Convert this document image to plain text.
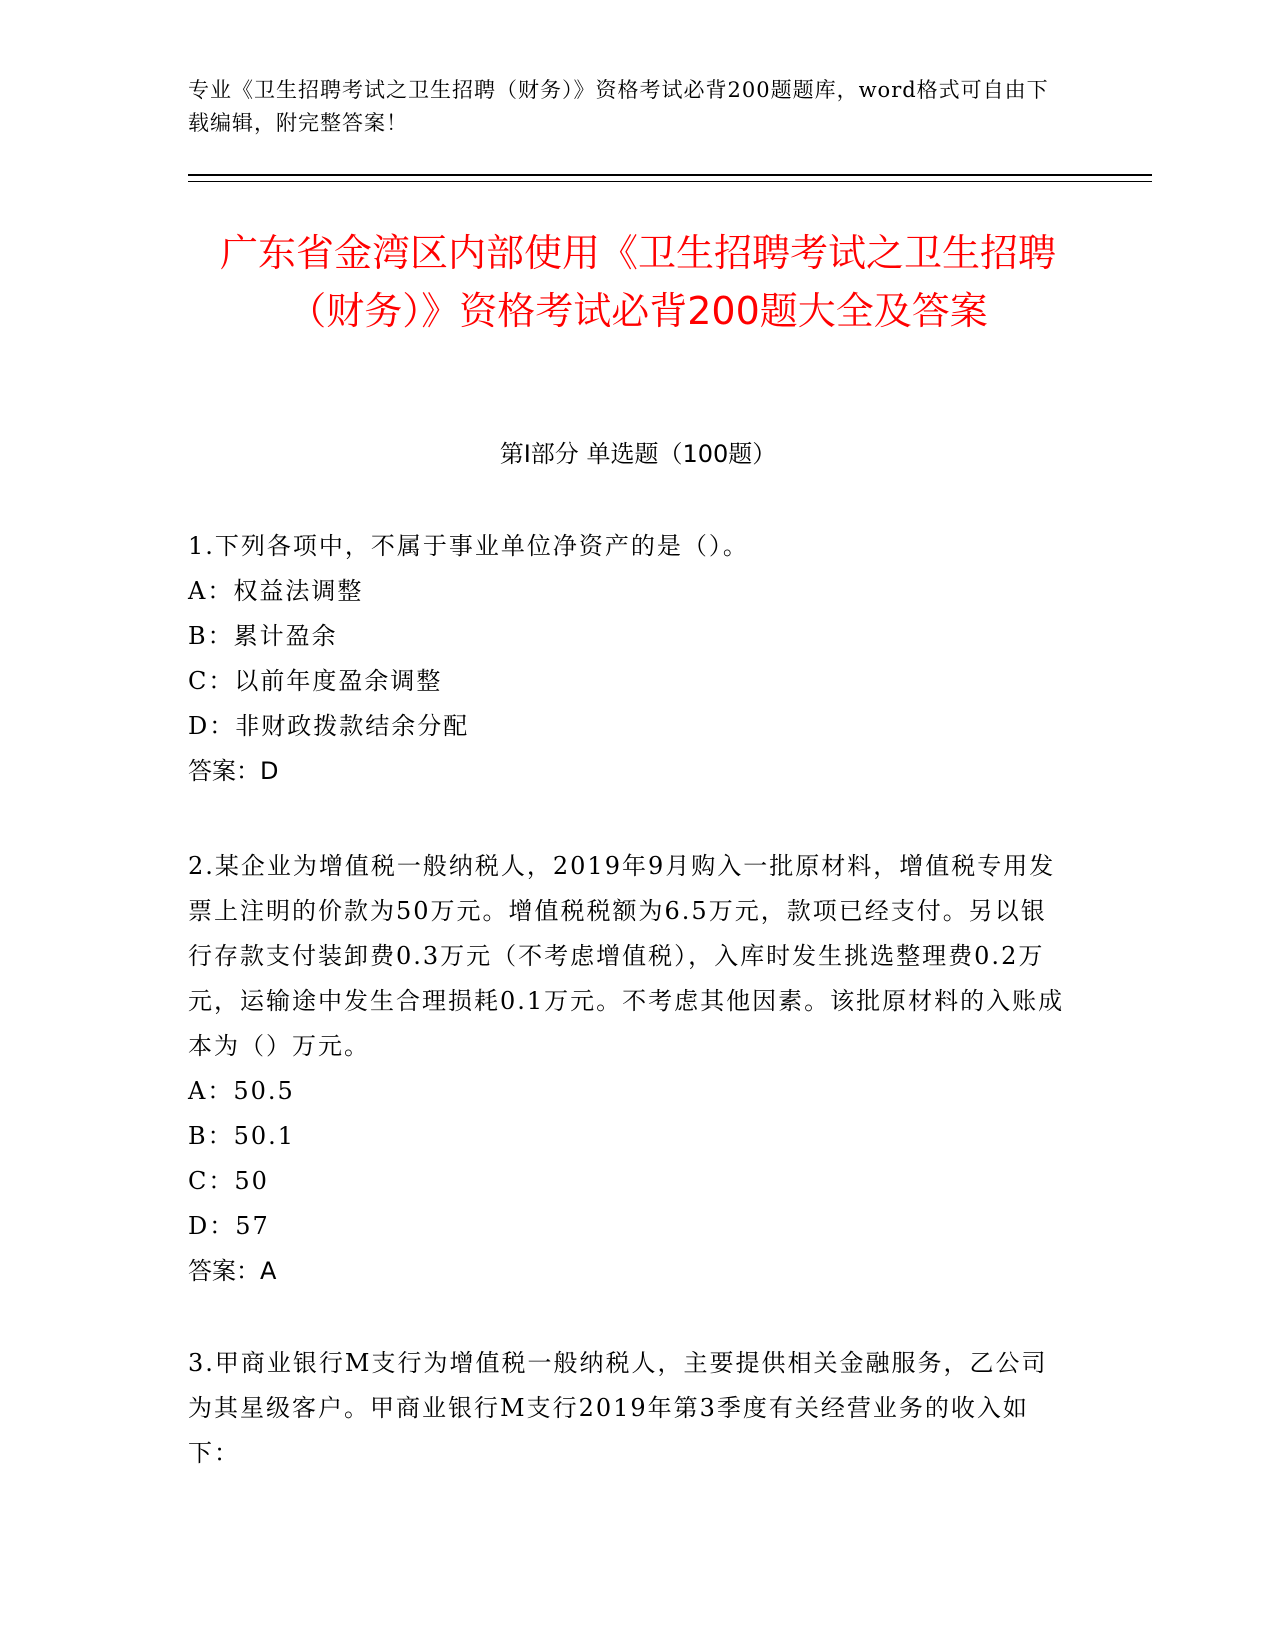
专业《卫生招聘考试之卫生招聘（财务）》资格考试必背200题题库，word格式可自由下载编辑，附完整答案！
广东省金湾区内部使用《卫生招聘考试之卫生招聘（财务）》资格考试必背200题大全及答案
第Ⅰ部分 单选题（100题）

1.下列各项中，不属于事业单位净资产的是（）。

A：权益法调整

B：累计盈余

C：以前年度盈余调整

D：非财政拨款结余分配

答案：D

2.某企业为增值税一般纳税人，2019年9月购入一批原材料，增值税专用发票上注明的价款为50万元。增值税税额为6.5万元，款项已经支付。另以银行存款支付装卸费0.3万元（不考虑增值税），入库时发生挑选整理费0.2万元，运输途中发生合理损耗0.1万元。不考虑其他因素。该批原材料的入账成本为（）万元。

A：50.5

B：50.1

C：50

D：57

答案：A

3.甲商业银行M支行为增值税一般纳税人，主要提供相关金融服务，乙公司为其星级客户。甲商业银行M支行2019年第3季度有关经营业务的收入如下：
